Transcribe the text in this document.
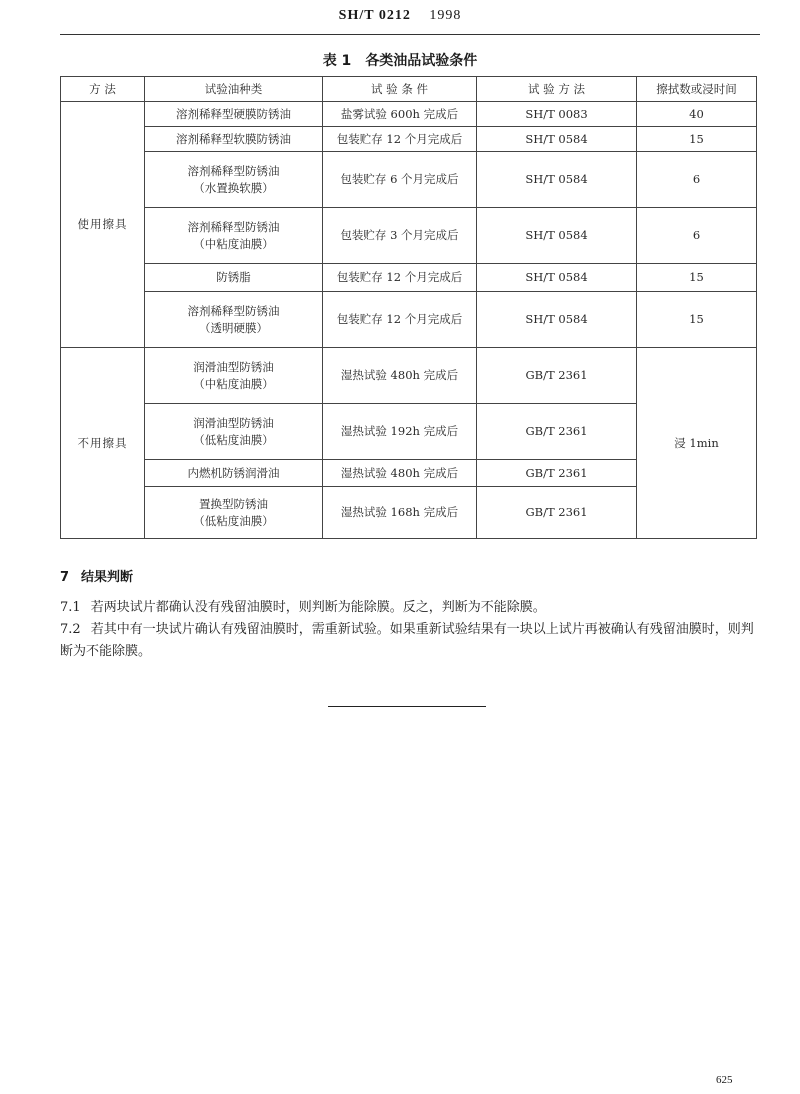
SH/T 0212 1998
表 1 各类油品试验条件
方 法	试验油种类	试 验 条 件	试 验 方 法	擦拭数或浸时间
使用擦具	溶剂稀释型硬膜防锈油	盐雾试验 600h 完成后	SH/T 0083	40

	溶剂稀释型软膜防锈油	包装贮存 12 个月完成后	SH/T 0584	15

	溶剂稀释型防锈油
（水置换软膜）	包装贮存 6 个月完成后	SH/T 0584	6

	溶剂稀释型防锈油
（中粘度油膜）	包装贮存 3 个月完成后	SH/T 0584	6

	防锈脂	包装贮存 12 个月完成后	SH/T 0584	15

	溶剂稀释型防锈油
（透明硬膜）	包装贮存 12 个月完成后	SH/T 0584	15
不用擦具	润滑油型防锈油
（中粘度油膜）	湿热试验 480h 完成后	GB/T 2361	浸 1min

	润滑油型防锈油
（低粘度油膜）	湿热试验 192h 完成后	GB/T 2361	

	内燃机防锈润滑油	湿热试验 480h 完成后	GB/T 2361	

	置换型防锈油
（低粘度油膜）	湿热试验 168h 完成后	GB/T 2361	
7 结果判断
7.1 若两块试片都确认没有残留油膜时，则判断为能除膜。反之，判断为不能除膜。
7.2 若其中有一块试片确认有残留油膜时，需重新试验。如果重新试验结果有一块以上试片再被确认有残留油膜时，则判断为不能除膜。
625
